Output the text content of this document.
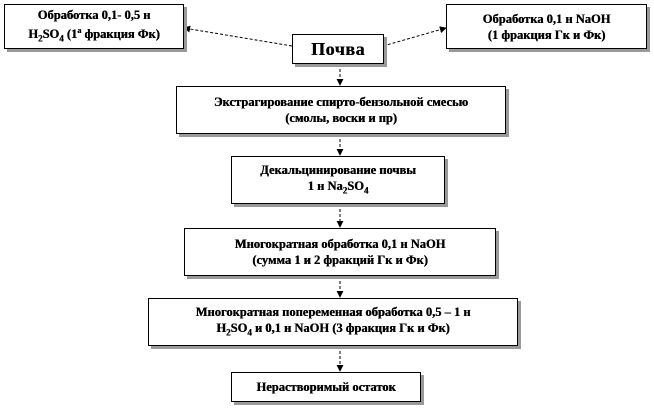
Обработка 0,1- 0,5 н
$H_2SO_4$ ($1^а$ фракция Фк)
Обработка 0,1 н NaOH
(1 фракция Гк и Фк)
Почва
Экстрагирование спирто-бензольной смесью
(смолы, воски и пр)
Декальцинирование почвы
1 н $Na_2SO_4$
Многократная обработка 0,1 н NaOH
(сумма 1 и 2 фракций Гк и Фк)
Многократная попеременная обработка 0,5 – 1 н
$H_2SO_4$ и 0,1 н NaOH (3 фракция Гк и Фк)
Нерастворимый остаток
